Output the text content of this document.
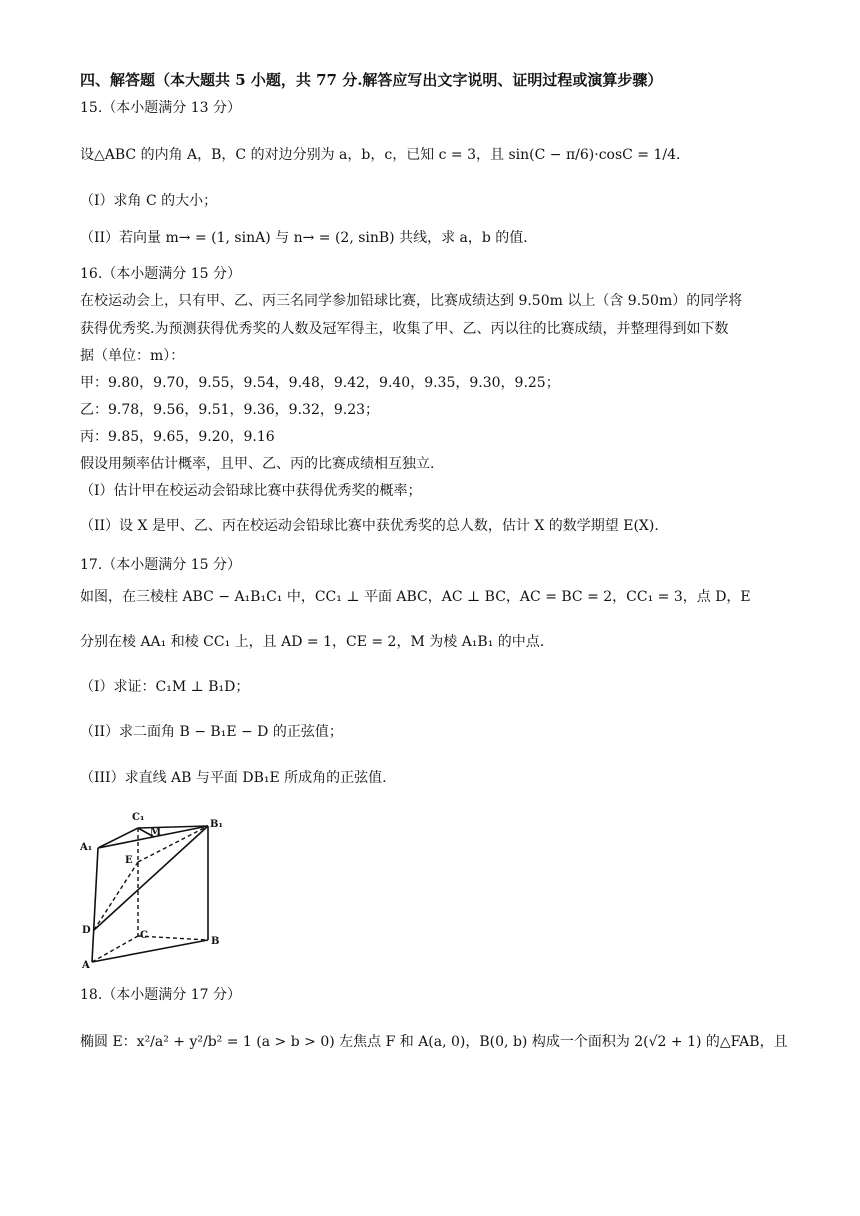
四、解答题（本大题共 5 小题，共 77 分.解答应写出文字说明、证明过程或演算步骤）
15.（本小题满分 13 分）
设△ABC 的内角 A，B，C 的对边分别为 a，b，c，已知 c = 3，且 sin(C − π/6)·cosC = 1/4.
（I）求角 C 的大小；
（II）若向量 m→ = (1, sinA) 与 n→ = (2, sinB) 共线，求 a，b 的值.
16.（本小题满分 15 分）
在校运动会上，只有甲、乙、丙三名同学参加铅球比赛，比赛成绩达到 9.50m 以上（含 9.50m）的同学将
获得优秀奖.为预测获得优秀奖的人数及冠军得主，收集了甲、乙、丙以往的比赛成绩，并整理得到如下数
据（单位：m）：
甲：9.80，9.70，9.55，9.54，9.48，9.42，9.40，9.35，9.30，9.25；
乙：9.78，9.56，9.51，9.36，9.32，9.23；
丙：9.85，9.65，9.20，9.16
假设用频率估计概率，且甲、乙、丙的比赛成绩相互独立.
（I）估计甲在校运动会铅球比赛中获得优秀奖的概率；
（II）设 X 是甲、乙、丙在校运动会铅球比赛中获优秀奖的总人数，估计 X 的数学期望 E(X).
17.（本小题满分 15 分）
如图，在三棱柱 ABC − A₁B₁C₁ 中，CC₁ ⊥ 平面 ABC，AC ⊥ BC，AC = BC = 2，CC₁ = 3，点 D，E
分别在棱 AA₁ 和棱 CC₁ 上，且 AD = 1，CE = 2，M 为棱 A₁B₁ 的中点.
（I）求证：C₁M ⊥ B₁D；
（II）求二面角 B − B₁E − D 的正弦值；
（III）求直线 AB 与平面 DB₁E 所成角的正弦值.
C₁
B₁
A₁
M
E
D	C
B
A
18.（本小题满分 17 分）
椭圆 E：x²/a² + y²/b² = 1 (a > b > 0) 左焦点 F 和 A(a, 0)，B(0, b) 构成一个面积为 2(√2 + 1) 的△FAB，且
